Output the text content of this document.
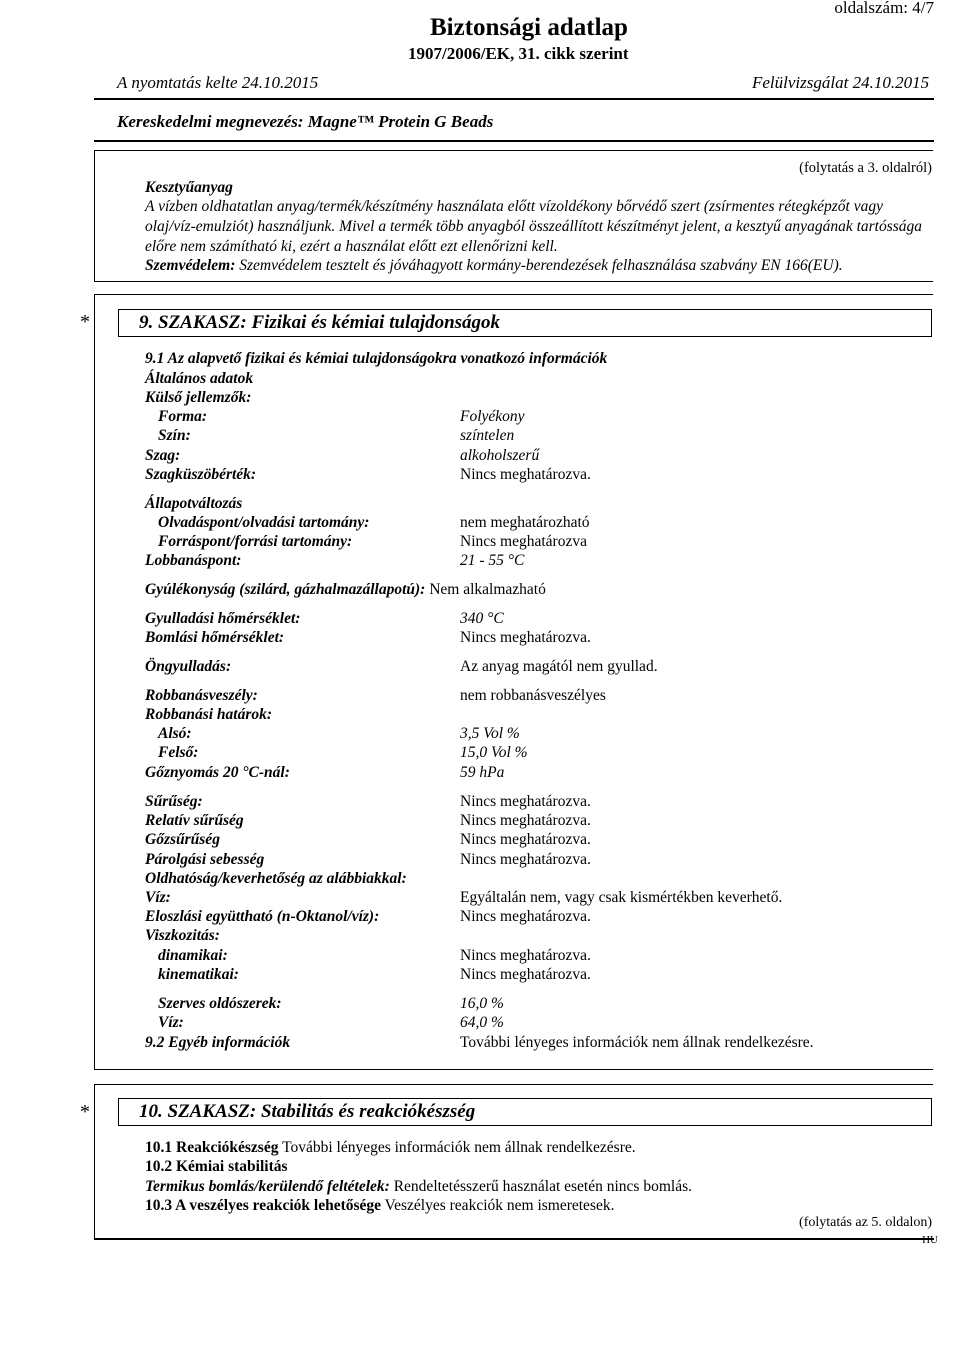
oldalszám: 4/7
Biztonsági adatlap
1907/2006/EK, 31. cikk szerint
A nyomtatás kelte 24.10.2015	Felülvizsgálat 24.10.2015
Kereskedelmi megnevezés: Magne™ Protein G Beads
(folytatás a 3. oldalról)
Kesztyűanyag
A vízben oldhatatlan anyag/termék/készítmény használata előtt vízoldékony bőrvédő szert (zsírmentes rétegképzőt vagy olaj/víz-emulziót) használjunk. Mivel a termék több anyagból összeállított készítményt jelent, a kesztyű anyagának tartóssága előre nem számítható ki, ezért a használat előtt ezt ellenőrizni kell.
Szemvédelem: Szemvédelem tesztelt és jóváhagyott kormány-berendezések felhasználása szabvány EN 166(EU).
*	9. SZAKASZ: Fizikai és kémiai tulajdonságok
9.1 Az alapvető fizikai és kémiai tulajdonságokra vonatkozó információk
Általános adatok
Külső jellemzők:
Forma:	Folyékony
Szín:	színtelen
Szag:	alkoholszerű
Szagküszöbérték:	Nincs meghatározva.
Állapotváltozás
Olvadáspont/olvadási tartomány:	nem meghatározható
Forráspont/forrási tartomány:	Nincs meghatározva
Lobbanáspont:	21 - 55 °C
Gyúlékonyság (szilárd, gázhalmazállapotú): Nem alkalmazható
Gyulladási hőmérséklet:	340 °C
Bomlási hőmérséklet:	Nincs meghatározva.
Öngyulladás:	Az anyag magától nem gyullad.
Robbanásveszély:	nem robbanásveszélyes
Robbanási határok:
Alsó:	3,5 Vol %
Felső:	15,0 Vol %
Gőznyomás 20 °C-nál:	59 hPa
Sűrűség:	Nincs meghatározva.
Relatív sűrűség	Nincs meghatározva.
Gőzsűrűség	Nincs meghatározva.
Párolgási sebesség	Nincs meghatározva.
Oldhatóság/keverhetőség az alábbiakkal:
Víz:	Egyáltalán nem, vagy csak kismértékben keverhető.
Eloszlási együttható (n-Oktanol/víz):	Nincs meghatározva.
Viszkozitás:
dinamikai:	Nincs meghatározva.
kinematikai:	Nincs meghatározva.
Szerves oldószerek:	16,0 %
Víz:	64,0 %
9.2 Egyéb információk	További lényeges információk nem állnak rendelkezésre.
*	10. SZAKASZ: Stabilitás és reakciókészség
10.1 Reakciókészség További lényeges információk nem állnak rendelkezésre.
10.2 Kémiai stabilitás
Termikus bomlás/kerülendő feltételek: Rendeltetésszerű használat esetén nincs bomlás.
10.3 A veszélyes reakciók lehetősége Veszélyes reakciók nem ismeretesek.
(folytatás az 5. oldalon)
HU
